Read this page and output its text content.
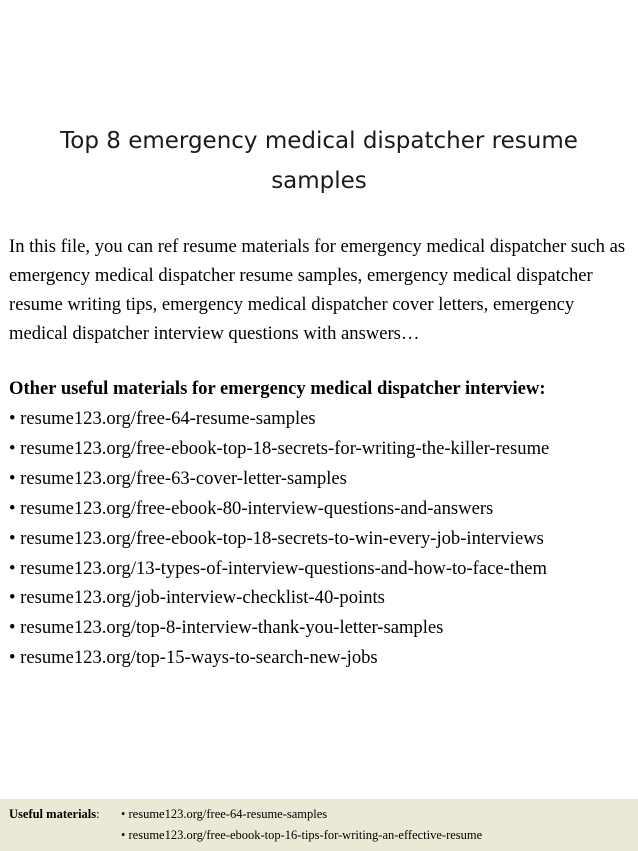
Top 8 emergency medical dispatcher resume
samples
In this file, you can ref resume materials for emergency medical dispatcher such as emergency medical dispatcher resume samples, emergency medical dispatcher resume writing tips, emergency medical dispatcher cover letters, emergency medical dispatcher interview questions with answers…
Other useful materials for emergency medical dispatcher interview:
• resume123.org/free-64-resume-samples
• resume123.org/free-ebook-top-18-secrets-for-writing-the-killer-resume
• resume123.org/free-63-cover-letter-samples
• resume123.org/free-ebook-80-interview-questions-and-answers
• resume123.org/free-ebook-top-18-secrets-to-win-every-job-interviews
• resume123.org/13-types-of-interview-questions-and-how-to-face-them
• resume123.org/job-interview-checklist-40-points
• resume123.org/top-8-interview-thank-you-letter-samples
• resume123.org/top-15-ways-to-search-new-jobs
Useful materials: • resume123.org/free-64-resume-samples
• resume123.org/free-ebook-top-16-tips-for-writing-an-effective-resume
